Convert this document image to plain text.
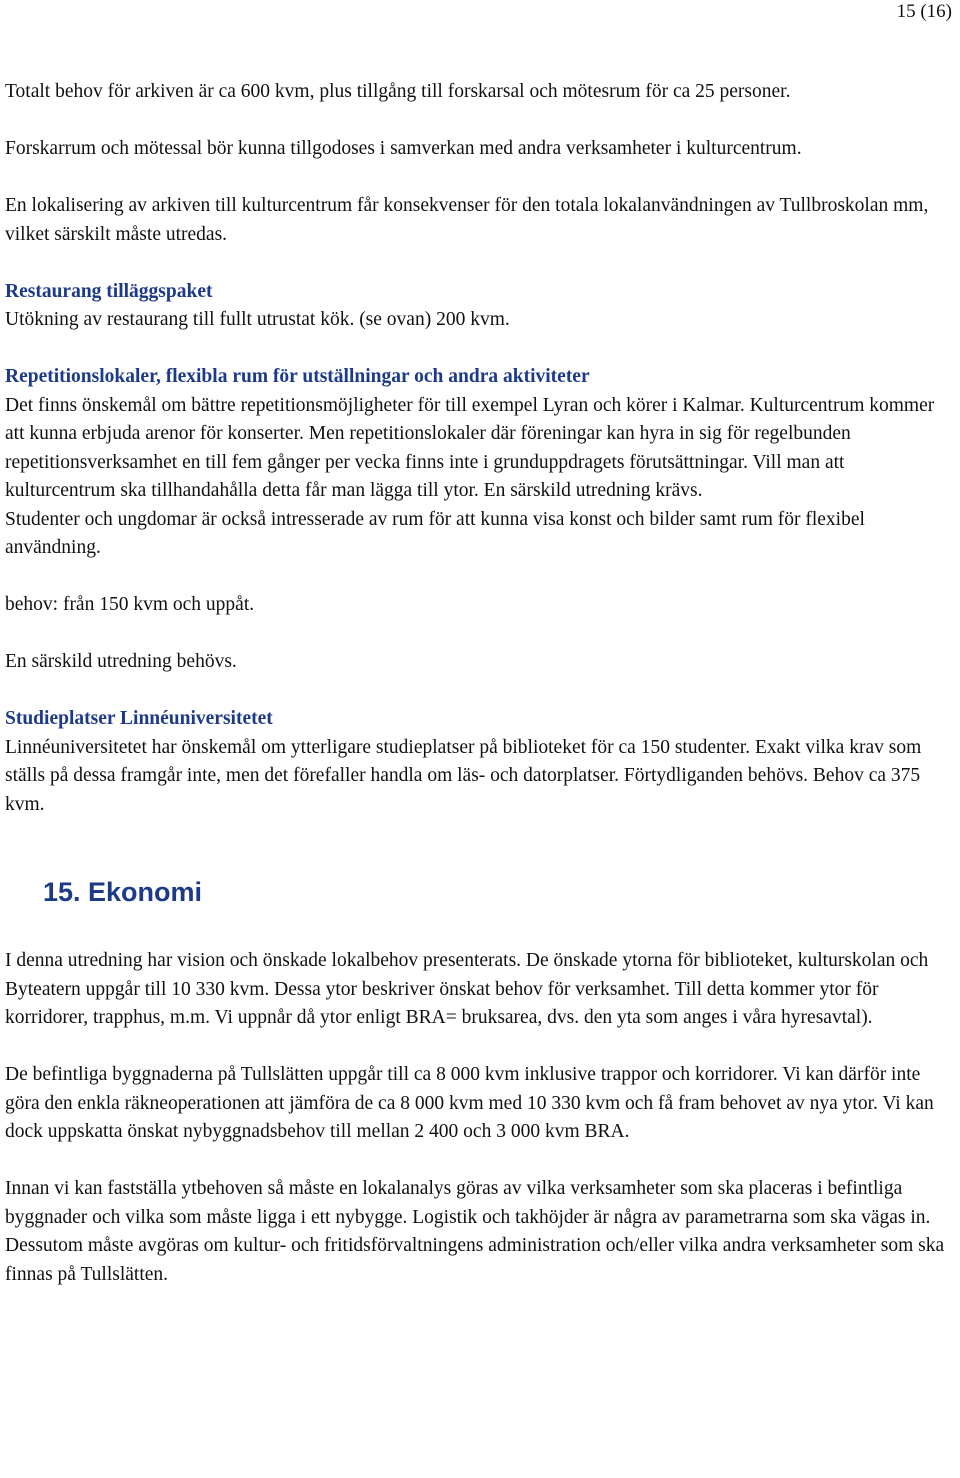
15 (16)

Totalt behov för arkiven är ca 600 kvm, plus tillgång till forskarsal och mötesrum för ca 25 personer.

Forskarrum och mötessal bör kunna tillgodoses i samverkan med andra verksamheter i kulturcentrum.

En lokalisering av arkiven till kulturcentrum får konsekvenser för den totala lokalanvändningen av Tullbroskolan mm, vilket särskilt måste utredas.

Restaurang tilläggspaket
Utökning av restaurang till fullt utrustat kök. (se ovan) 200 kvm.

Repetitionslokaler, flexibla rum för utställningar och andra aktiviteter
Det finns önskemål om bättre repetitionsmöjligheter för till exempel Lyran och körer i Kalmar. Kulturcentrum kommer att kunna erbjuda arenor för konserter. Men repetitionslokaler där föreningar kan hyra in sig för regelbunden repetitionsverksamhet en till fem gånger per vecka finns inte i grunduppdragets förutsättningar. Vill man att kulturcentrum ska tillhandahålla detta får man lägga till ytor. En särskild utredning krävs.

Studenter och ungdomar är också intresserade av rum för att kunna visa konst och bilder samt rum för flexibel användning.

behov: från 150 kvm och uppåt.

En särskild utredning behövs.

Studieplatser Linnéuniversitetet
Linnéuniversitetet har önskemål om ytterligare studieplatser på biblioteket för ca 150 studenter. Exakt vilka krav som ställs på dessa framgår inte, men det förefaller handla om läs- och datorplatser. Förtydliganden behövs. Behov ca 375 kvm.

15. Ekonomi

I denna utredning har vision och önskade lokalbehov presenterats. De önskade ytorna för biblioteket, kulturskolan och Byteatern uppgår till 10 330 kvm. Dessa ytor beskriver önskat behov för verksamhet. Till detta kommer ytor för korridorer, trapphus, m.m. Vi uppnår då ytor enligt BRA= bruksarea, dvs. den yta som anges i våra hyresavtal).

De befintliga byggnaderna på Tullslätten uppgår till ca 8 000 kvm inklusive trappor och korridorer. Vi kan därför inte göra den enkla räkneoperationen att jämföra de ca 8 000 kvm med 10 330 kvm och få fram behovet av nya ytor. Vi kan dock uppskatta önskat nybyggnadsbehov till mellan 2 400 och 3 000 kvm BRA.

Innan vi kan fastställa ytbehoven så måste en lokalanalys göras av vilka verksamheter som ska placeras i befintliga byggnader och vilka som måste ligga i ett nybygge. Logistik och takhöjder är några av parametrarna som ska vägas in. Dessutom måste avgöras om kultur- och fritidsförvaltningens administration och/eller vilka andra verksamheter som ska finnas på Tullslätten.
